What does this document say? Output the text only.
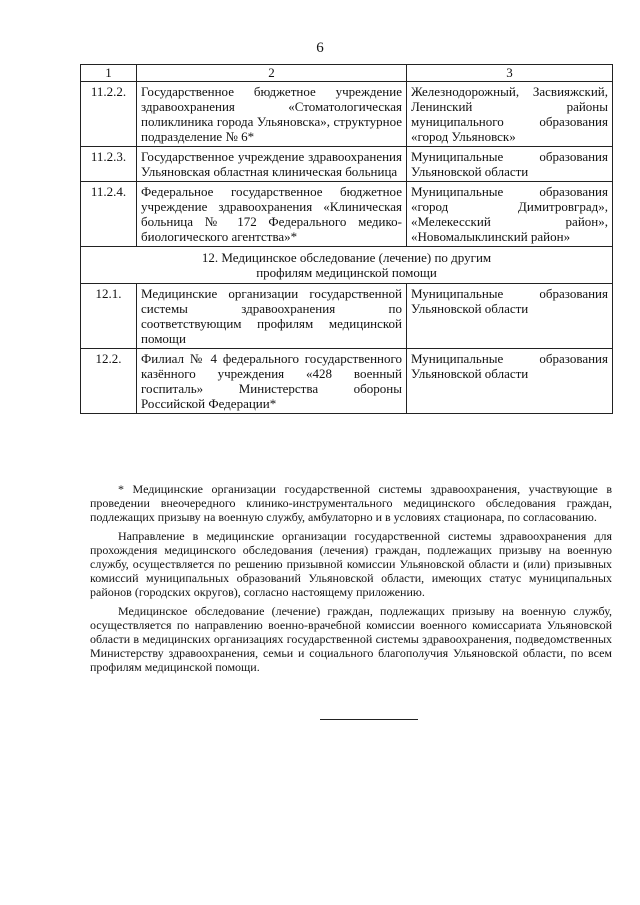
6
1	2	3
11.2.2.	Государственное бюджетное учреждение здравоохранения «Стоматологическая поликлиника города Ульяновска», структурное подразделение № 6*	Железнодорожный, Засвияжский, Ленинский районы муниципального образования «город Ульяновск»
11.2.3.	Государственное учреждение здравоохранения Ульяновская областная клиническая больница	Муниципальные образования Ульяновской области
11.2.4.	Федеральное государственное бюджетное учреждение здравоохранения «Клиническая больница № 172 Федерального медико-биологического агентства»*	Муниципальные образования «город Димитровград», «Мелекесский район», «Новомалыклинский район»

12. Медицинское обследование (лечение) по другим
профилям медицинской помощи		

12.1.	Медицинские организации государственной системы здравоохранения по соответствующим профилям медицинской помощи	Муниципальные образования Ульяновской области
12.2.	Филиал № 4 федерального государственного казённого учреждения «428 военный госпиталь» Министерства обороны Российской Федерации*	Муниципальные образования Ульяновской области

* Медицинские организации государственной системы здравоохранения, участвующие в проведении внеочередного клинико-инструментального медицинского обследования граждан, подлежащих призыву на военную службу, амбулаторно и в условиях стационара, по согласованию.

Направление в медицинские организации государственной системы здравоохранения для прохождения медицинского обследования (лечения) граждан, подлежащих призыву на военную службу, осуществляется по решению призывной комиссии Ульяновской области и (или) призывных комиссий муниципальных образований Ульяновской области, имеющих статус муниципальных районов (городских округов), согласно настоящему приложению.

Медицинское обследование (лечение) граждан, подлежащих призыву на военную службу, осуществляется по направлению военно-врачебной комиссии военного комиссариата Ульяновской области в медицинских организациях государственной системы здравоохранения, подведомственных Министерству здравоохранения, семьи и социального благополучия Ульяновской области, по всем профилям медицинской помощи.
